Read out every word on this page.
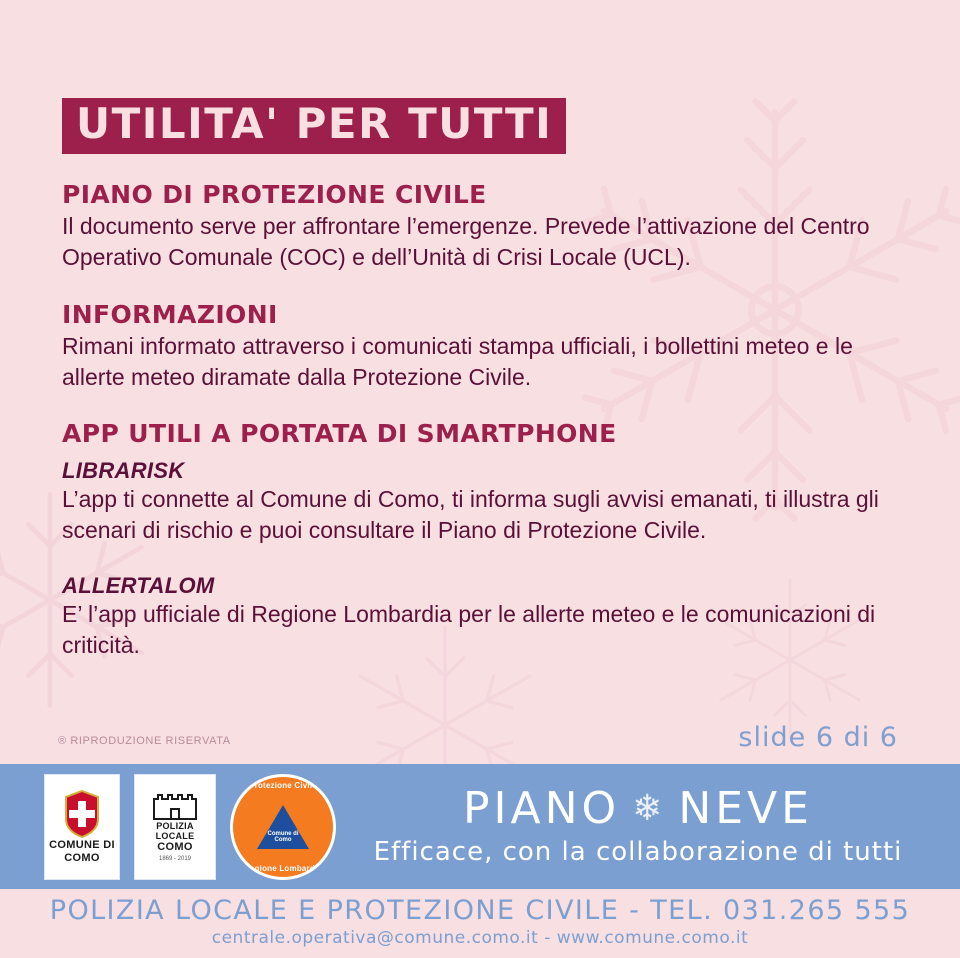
UTILITA' PER TUTTI
PIANO DI PROTEZIONE CIVILE

Il documento serve per affrontare l’emergenze. Prevede l’attivazione del Centro Operativo Comunale (COC) e dell’Unità di Crisi Locale (UCL).

INFORMAZIONI

Rimani informato attraverso i comunicati stampa ufficiali, i bollettini meteo e le allerte meteo diramate dalla Protezione Civile.

APP UTILI A PORTATA DI SMARTPHONE

LIBRARISK

L’app ti connette al Comune di Como, ti informa sugli avvisi emanati, ti illustra gli scenari di rischio e puoi consultare il Piano di Protezione Civile.

ALLERTALOM

E’ l’app ufficiale di Regione Lombardia per le allerte meteo e le comunicazioni di criticità.

® RIPRODUZIONE RISERVATA	slide 6 di 6
COMUNE DI
COMO
POLIZIA
LOCALE
COMO
1869 - 2019
Protezione Civile
Comune di Como
Regione Lombardia
PIANO ❄ NEVE
Efficace, con la collaborazione di tutti
POLIZIA LOCALE E PROTEZIONE CIVILE - TEL. 031.265 555
centrale.operativa@comune.como.it - www.comune.como.it
